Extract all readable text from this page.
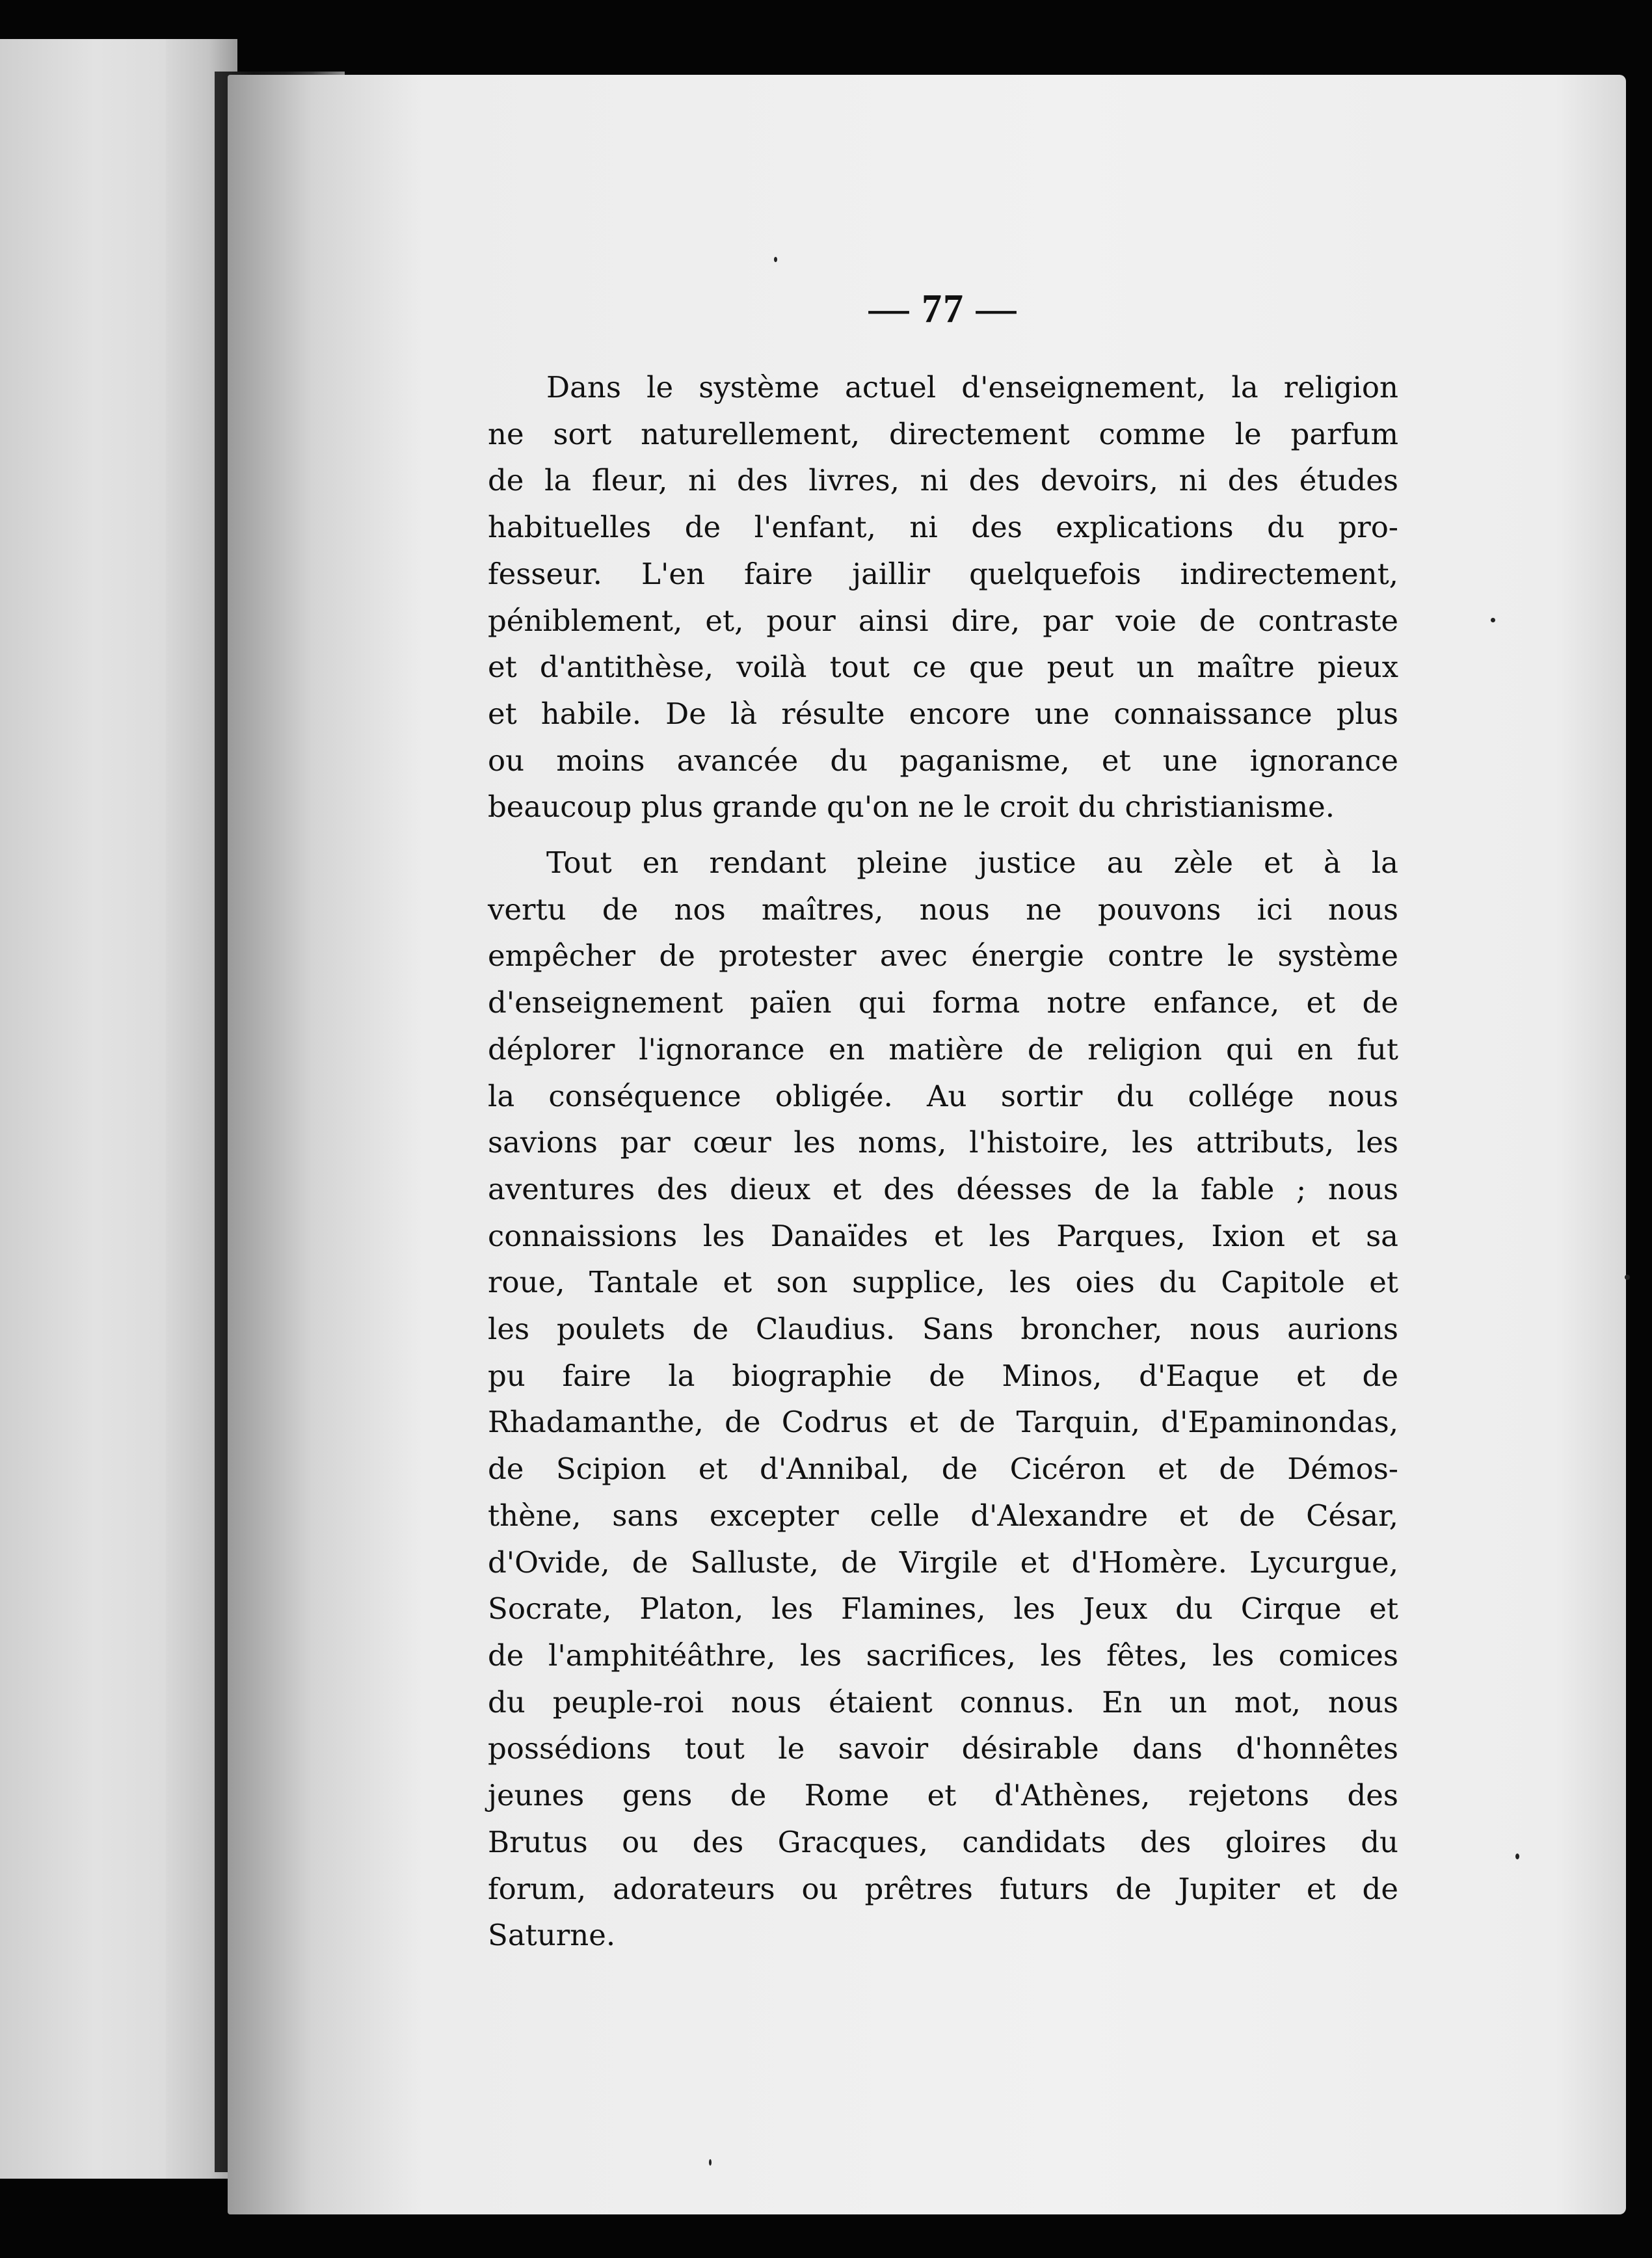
— 77 —
Dans le système actuel d'enseignement, la religion
ne sort naturellement, directement comme le parfum
de la fleur, ni des livres, ni des devoirs, ni des études
habituelles de l'enfant, ni des explications du pro-
fesseur. L'en faire jaillir quelquefois indirectement,
péniblement, et, pour ainsi dire, par voie de contraste
et d'antithèse, voilà tout ce que peut un maître pieux
et habile. De là résulte encore une connaissance plus
ou moins avancée du paganisme, et une ignorance
beaucoup plus grande qu'on ne le croit du christianisme.
Tout en rendant pleine justice au zèle et à la
vertu de nos maîtres, nous ne pouvons ici nous
empêcher de protester avec énergie contre le système
d'enseignement païen qui forma notre enfance, et de
déplorer l'ignorance en matière de religion qui en fut
la conséquence obligée. Au sortir du collége nous
savions par cœur les noms, l'histoire, les attributs, les
aventures des dieux et des déesses de la fable ; nous
connaissions les Danaïdes et les Parques, Ixion et sa
roue, Tantale et son supplice, les oies du Capitole et
les poulets de Claudius. Sans broncher, nous aurions
pu faire la biographie de Minos, d'Eaque et de
Rhadamanthe, de Codrus et de Tarquin, d'Epaminondas,
de Scipion et d'Annibal, de Cicéron et de Démos-
thène, sans excepter celle d'Alexandre et de César,
d'Ovide, de Salluste, de Virgile et d'Homère. Lycurgue,
Socrate, Platon, les Flamines, les Jeux du Cirque et
de l'amphitéâthre, les sacrifices, les fêtes, les comices
du peuple-roi nous étaient connus. En un mot, nous
possédions tout le savoir désirable dans d'honnêtes
jeunes gens de Rome et d'Athènes, rejetons des
Brutus ou des Gracques, candidats des gloires du
forum, adorateurs ou prêtres futurs de Jupiter et de
Saturne.
